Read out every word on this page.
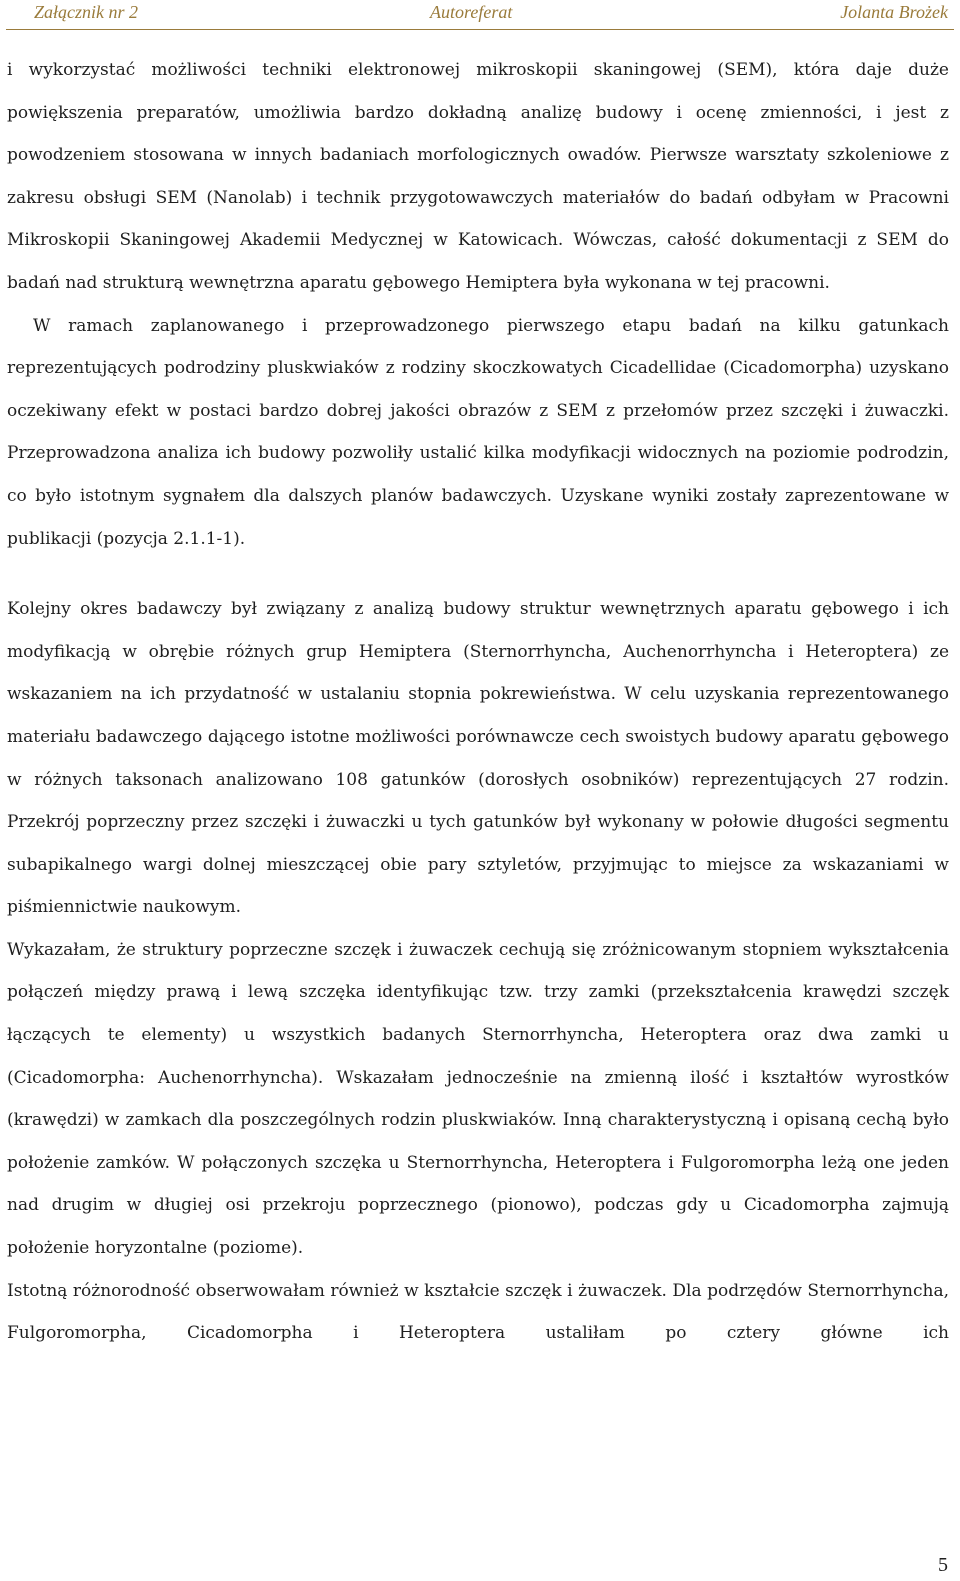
Załącznik nr 2	Autoreferat	Jolanta Brożek

i wykorzystać możliwości techniki elektronowej mikroskopii skaningowej (SEM), która daje duże powiększenia preparatów, umożliwia bardzo dokładną analizę budowy i ocenę zmienności, i jest z powodzeniem stosowana w innych badaniach morfologicznych owadów. Pierwsze warsztaty szkoleniowe z zakresu obsługi SEM (Nanolab) i technik przygotowawczych materiałów do badań odbyłam w Pracowni Mikroskopii Skaningowej Akademii Medycznej w Katowicach. Wówczas, całość dokumentacji z SEM do badań nad strukturą wewnętrzna aparatu gębowego Hemiptera była wykonana w tej pracowni.

W ramach zaplanowanego i przeprowadzonego pierwszego etapu badań na kilku gatunkach reprezentujących podrodziny pluskwiaków z rodziny skoczkowatych Cicadellidae (Cicadomorpha) uzyskano oczekiwany efekt w postaci bardzo dobrej jakości obrazów z SEM z przełomów przez szczęki i żuwaczki. Przeprowadzona analiza ich budowy pozwoliły ustalić kilka modyfikacji widocznych na poziomie podrodzin, co było istotnym sygnałem dla dalszych planów badawczych. Uzyskane wyniki zostały zaprezentowane w publikacji (pozycja 2.1.1-1).

Kolejny okres badawczy był związany z analizą budowy struktur wewnętrznych aparatu gębowego i ich modyfikacją w obrębie różnych grup Hemiptera (Sternorrhyncha, Auchenorrhyncha i Heteroptera) ze wskazaniem na ich przydatność w ustalaniu stopnia pokrewieństwa. W celu uzyskania reprezentowanego materiału badawczego dającego istotne możliwości porównawcze cech swoistych budowy aparatu gębowego w różnych taksonach analizowano 108 gatunków (dorosłych osobników) reprezentujących 27 rodzin. Przekrój poprzeczny przez szczęki i żuwaczki u tych gatunków był wykonany w połowie długości segmentu subapikalnego wargi dolnej mieszczącej obie pary sztyletów, przyjmując to miejsce za wskazaniami w piśmiennictwie naukowym.

Wykazałam, że struktury poprzeczne szczęk i żuwaczek cechują się zróżnicowanym stopniem wykształcenia połączeń między prawą i lewą szczęka identyfikując tzw. trzy zamki (przekształcenia krawędzi szczęk łączących te elementy) u wszystkich badanych Sternorrhyncha, Heteroptera oraz dwa zamki u (Cicadomorpha: Auchenorrhyncha). Wskazałam jednocześnie na zmienną ilość i kształtów wyrostków (krawędzi) w zamkach dla poszczególnych rodzin pluskwiaków. Inną charakterystyczną i opisaną cechą było położenie zamków. W połączonych szczęka u Sternorrhyncha, Heteroptera i Fulgoromorpha leżą one jeden nad drugim w długiej osi przekroju poprzecznego (pionowo), podczas gdy u Cicadomorpha zajmują położenie horyzontalne (poziome).

Istotną różnorodność obserwowałam również w kształcie szczęk i żuwaczek. Dla podrzędów Sternorrhyncha, Fulgoromorpha, Cicadomorpha i Heteroptera ustaliłam po cztery główne ich

5
